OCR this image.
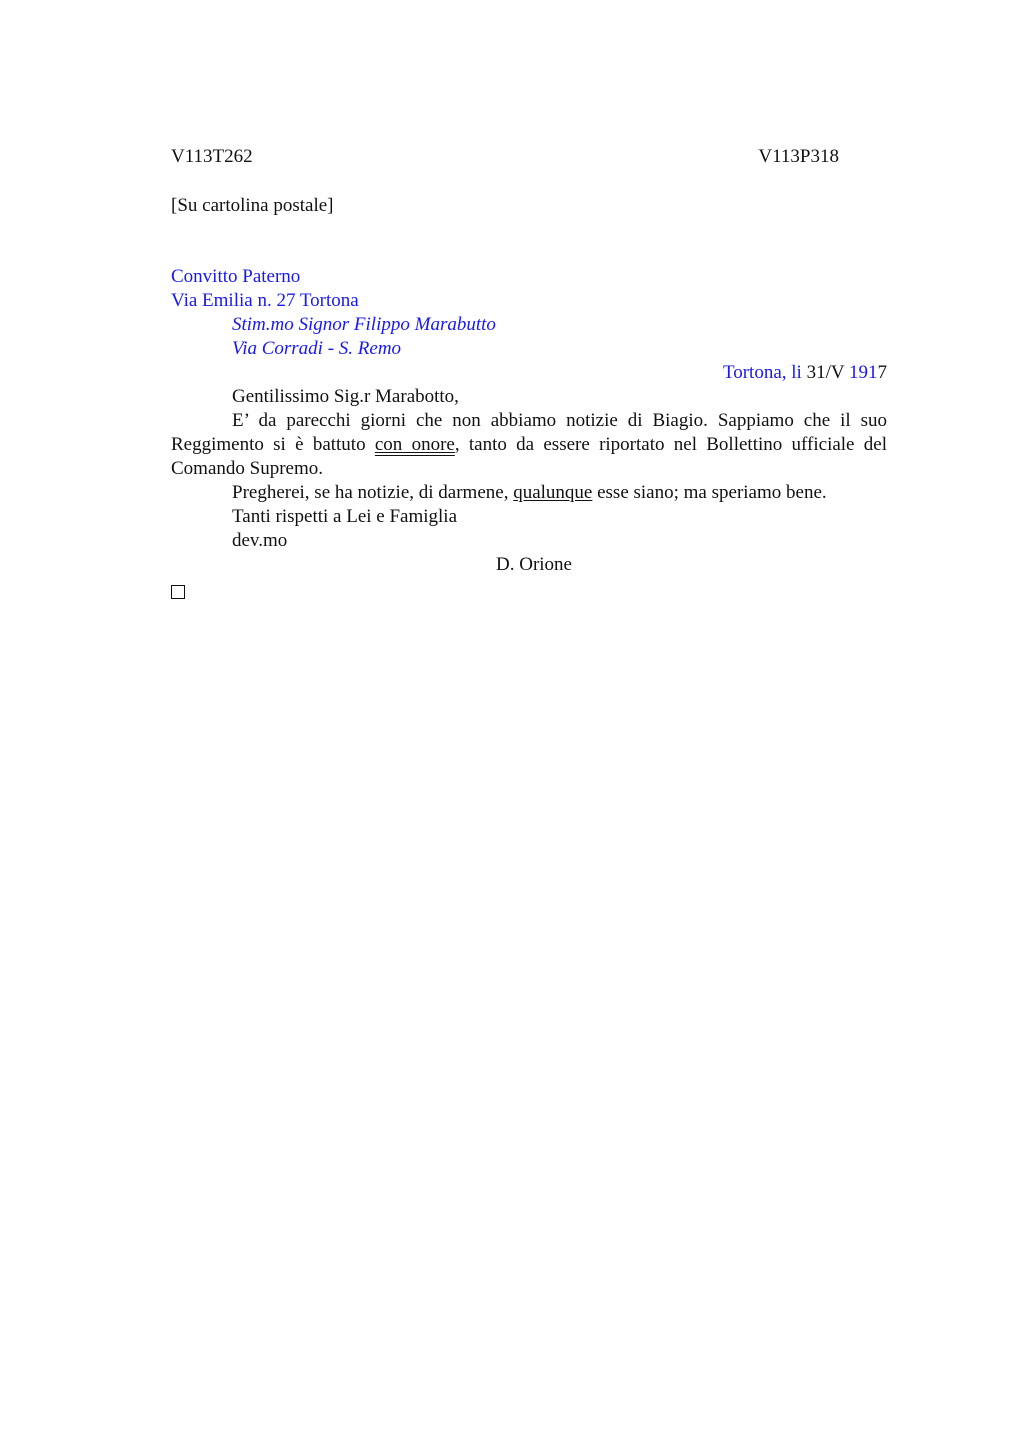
V113T262	V113P318
[Su cartolina postale]
Convitto Paterno
Via Emilia n. 27 Tortona
Stim.mo Signor Filippo Marabutto
Via Corradi - S. Remo
Tortona, li 31/V 1917
Gentilissimo Sig.r Marabotto,

E’ da parecchi giorni che non abbiamo notizie di Biagio. Sappiamo che il suo Reggimento si è battuto con onore, tanto da essere riportato nel Bollettino ufficiale del Comando Supremo.

Pregherei, se ha notizie, di darmene, qualunque esse siano; ma speriamo bene.
Tanti rispetti a Lei e Famiglia
dev.mo
D. Orione
